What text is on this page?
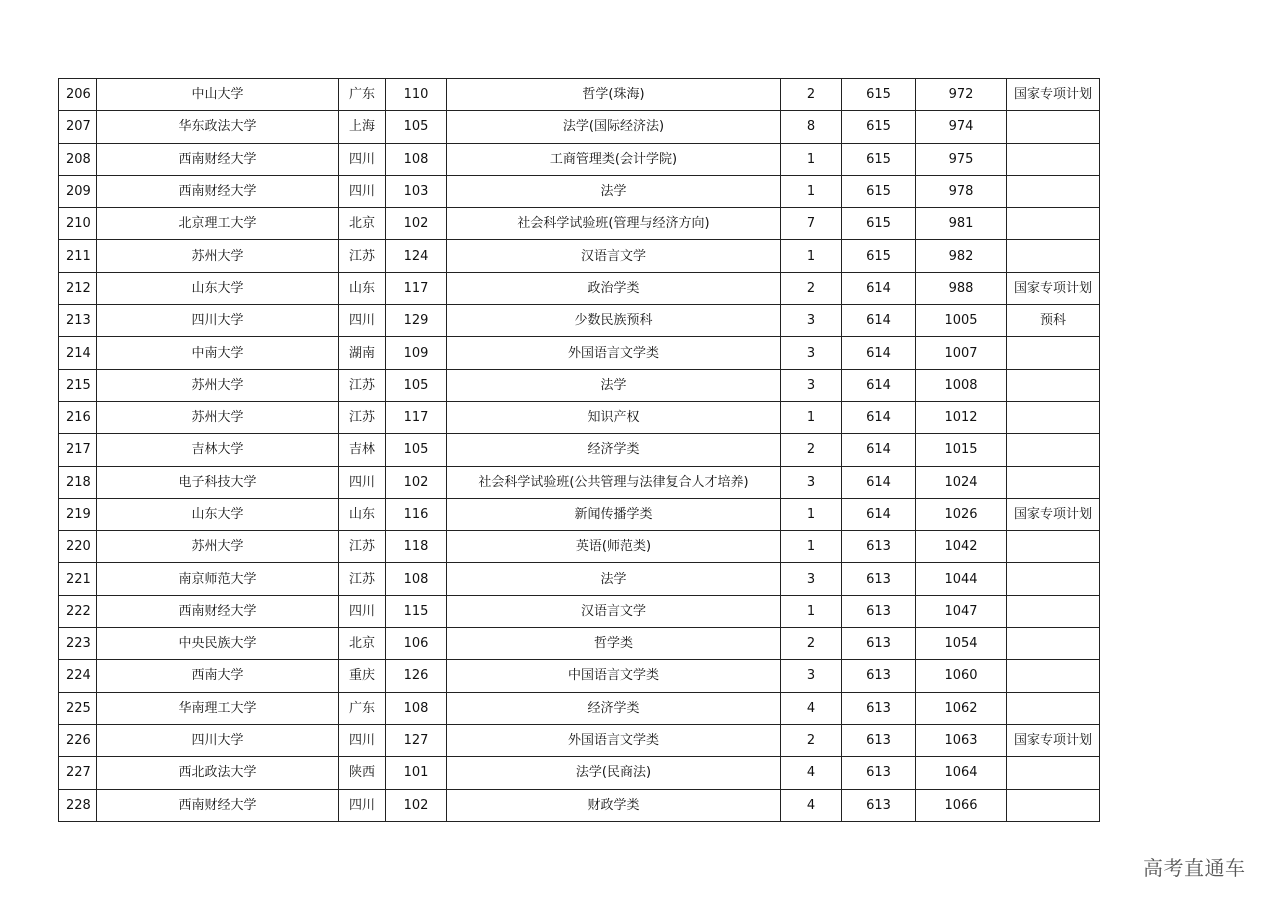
206	中山大学	广东	110	哲学(珠海)	2	615	972	国家专项计划
207	华东政法大学	上海	105	法学(国际经济法)	8	615	974	
208	西南财经大学	四川	108	工商管理类(会计学院)	1	615	975	
209	西南财经大学	四川	103	法学	1	615	978	
210	北京理工大学	北京	102	社会科学试验班(管理与经济方向)	7	615	981	
211	苏州大学	江苏	124	汉语言文学	1	615	982	
212	山东大学	山东	117	政治学类	2	614	988	国家专项计划
213	四川大学	四川	129	少数民族预科	3	614	1005	预科
214	中南大学	湖南	109	外国语言文学类	3	614	1007	
215	苏州大学	江苏	105	法学	3	614	1008	
216	苏州大学	江苏	117	知识产权	1	614	1012	
217	吉林大学	吉林	105	经济学类	2	614	1015	
218	电子科技大学	四川	102	社会科学试验班(公共管理与法律复合人才培养)	3	614	1024	
219	山东大学	山东	116	新闻传播学类	1	614	1026	国家专项计划
220	苏州大学	江苏	118	英语(师范类)	1	613	1042	
221	南京师范大学	江苏	108	法学	3	613	1044	
222	西南财经大学	四川	115	汉语言文学	1	613	1047	
223	中央民族大学	北京	106	哲学类	2	613	1054	
224	西南大学	重庆	126	中国语言文学类	3	613	1060	
225	华南理工大学	广东	108	经济学类	4	613	1062	
226	四川大学	四川	127	外国语言文学类	2	613	1063	国家专项计划
227	西北政法大学	陕西	101	法学(民商法)	4	613	1064	
228	西南财经大学	四川	102	财政学类	4	613	1066	
高考直通车
